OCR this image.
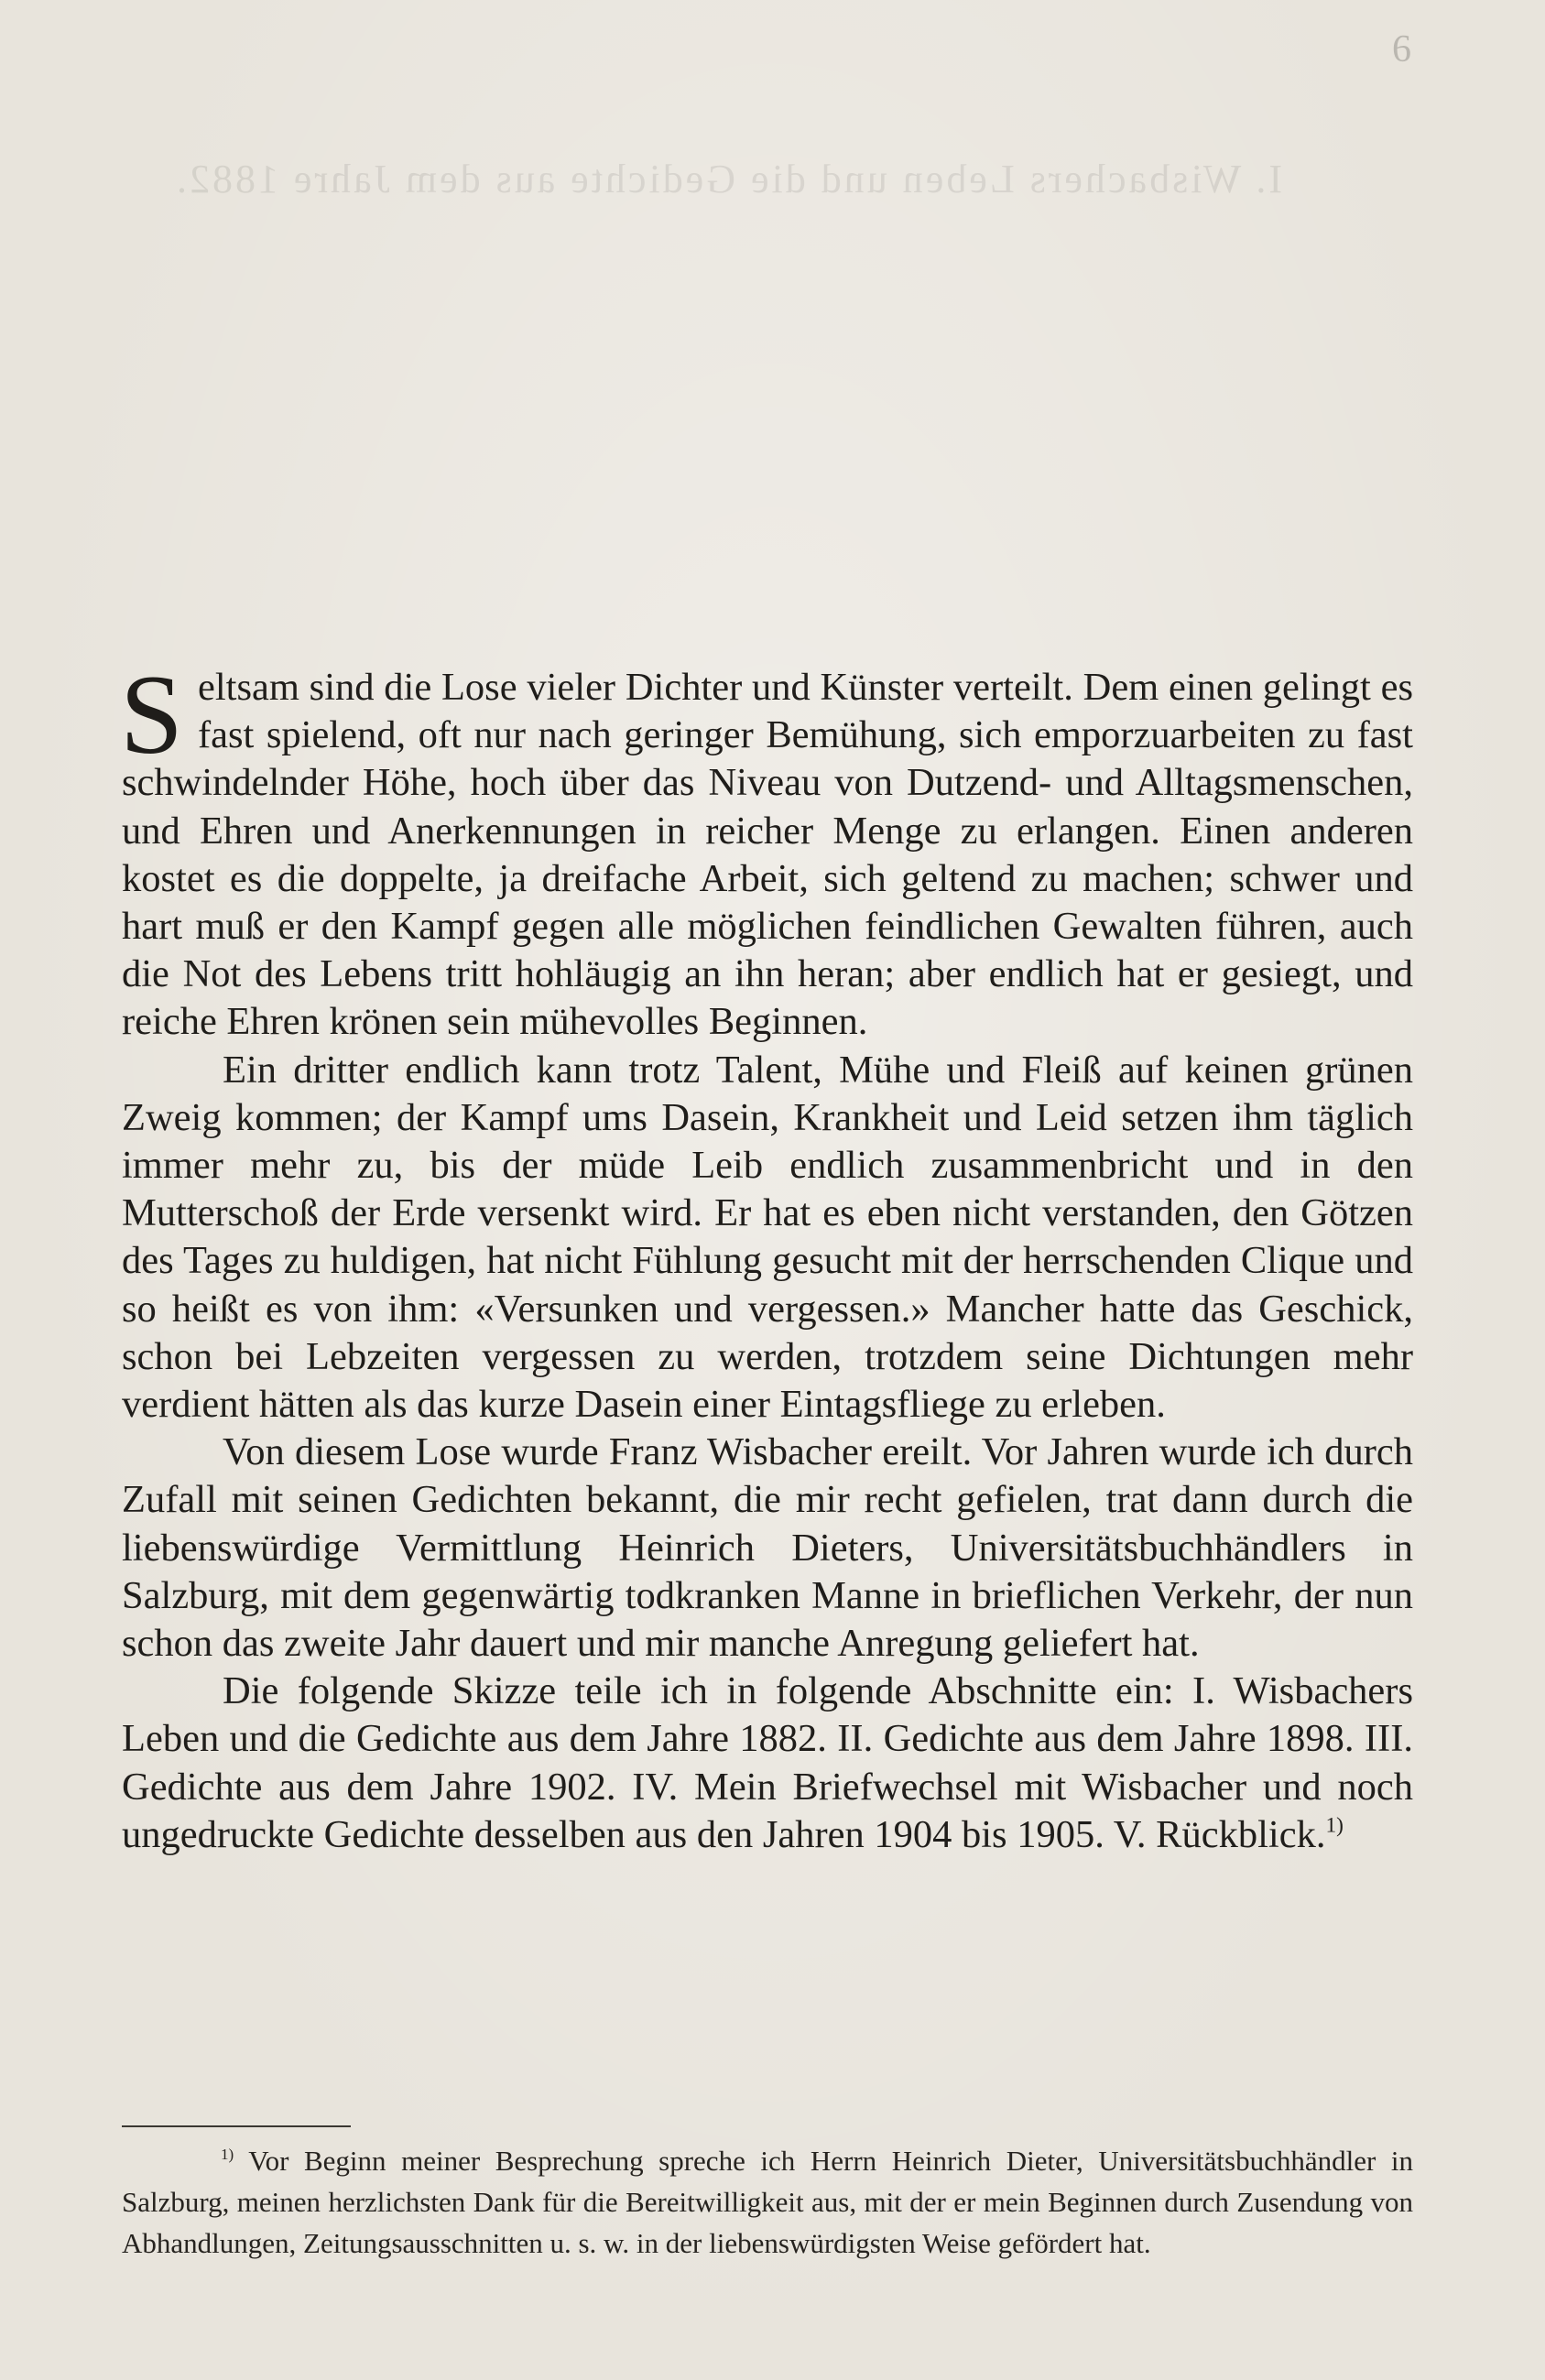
6
I. Wisbachers Leben und die Gedichte aus dem Jahre 1882.

Seltsam sind die Lose vieler Dichter und Künster verteilt. Dem einen gelingt es fast spielend, oft nur nach geringer Bemühung, sich emporzuarbeiten zu fast schwindelnder Höhe, hoch über das Niveau von Dutzend- und Alltagsmenschen, und Ehren und Anerkennungen in reicher Menge zu erlangen. Einen anderen kostet es die doppelte, ja dreifache Arbeit, sich geltend zu machen; schwer und hart muß er den Kampf gegen alle möglichen feindlichen Gewalten führen, auch die Not des Lebens tritt hohläugig an ihn heran; aber endlich hat er gesiegt, und reiche Ehren krönen sein mühevolles Beginnen.

Ein dritter endlich kann trotz Talent, Mühe und Fleiß auf keinen grünen Zweig kommen; der Kampf ums Dasein, Krankheit und Leid setzen ihm täglich immer mehr zu, bis der müde Leib endlich zusammenbricht und in den Mutterschoß der Erde versenkt wird. Er hat es eben nicht verstanden, den Götzen des Tages zu huldigen, hat nicht Fühlung gesucht mit der herrschenden Clique und so heißt es von ihm: «Versunken und vergessen.» Mancher hatte das Geschick, schon bei Lebzeiten vergessen zu werden, trotzdem seine Dichtungen mehr verdient hätten als das kurze Dasein einer Eintagsfliege zu erleben.

Von diesem Lose wurde Franz Wisbacher ereilt. Vor Jahren wurde ich durch Zufall mit seinen Gedichten bekannt, die mir recht gefielen, trat dann durch die liebenswürdige Vermittlung Heinrich Dieters, Universitätsbuchhändlers in Salzburg, mit dem gegenwärtig todkranken Manne in brieflichen Verkehr, der nun schon das zweite Jahr dauert und mir manche Anregung geliefert hat.

Die folgende Skizze teile ich in folgende Abschnitte ein: I. Wisbachers Leben und die Gedichte aus dem Jahre 1882. II. Gedichte aus dem Jahre 1898. III. Gedichte aus dem Jahre 1902. IV. Mein Briefwechsel mit Wisbacher und noch ungedruckte Gedichte desselben aus den Jahren 1904 bis 1905. V. Rückblick.$^{1)}$

$^{1)}$ Vor Beginn meiner Besprechung spreche ich Herrn Heinrich Dieter, Universitätsbuchhändler in Salzburg, meinen herzlichsten Dank für die Bereitwilligkeit aus, mit der er mein Beginnen durch Zusendung von Abhandlungen, Zeitungsausschnitten u. s. w. in der liebenswürdigsten Weise gefördert hat.
